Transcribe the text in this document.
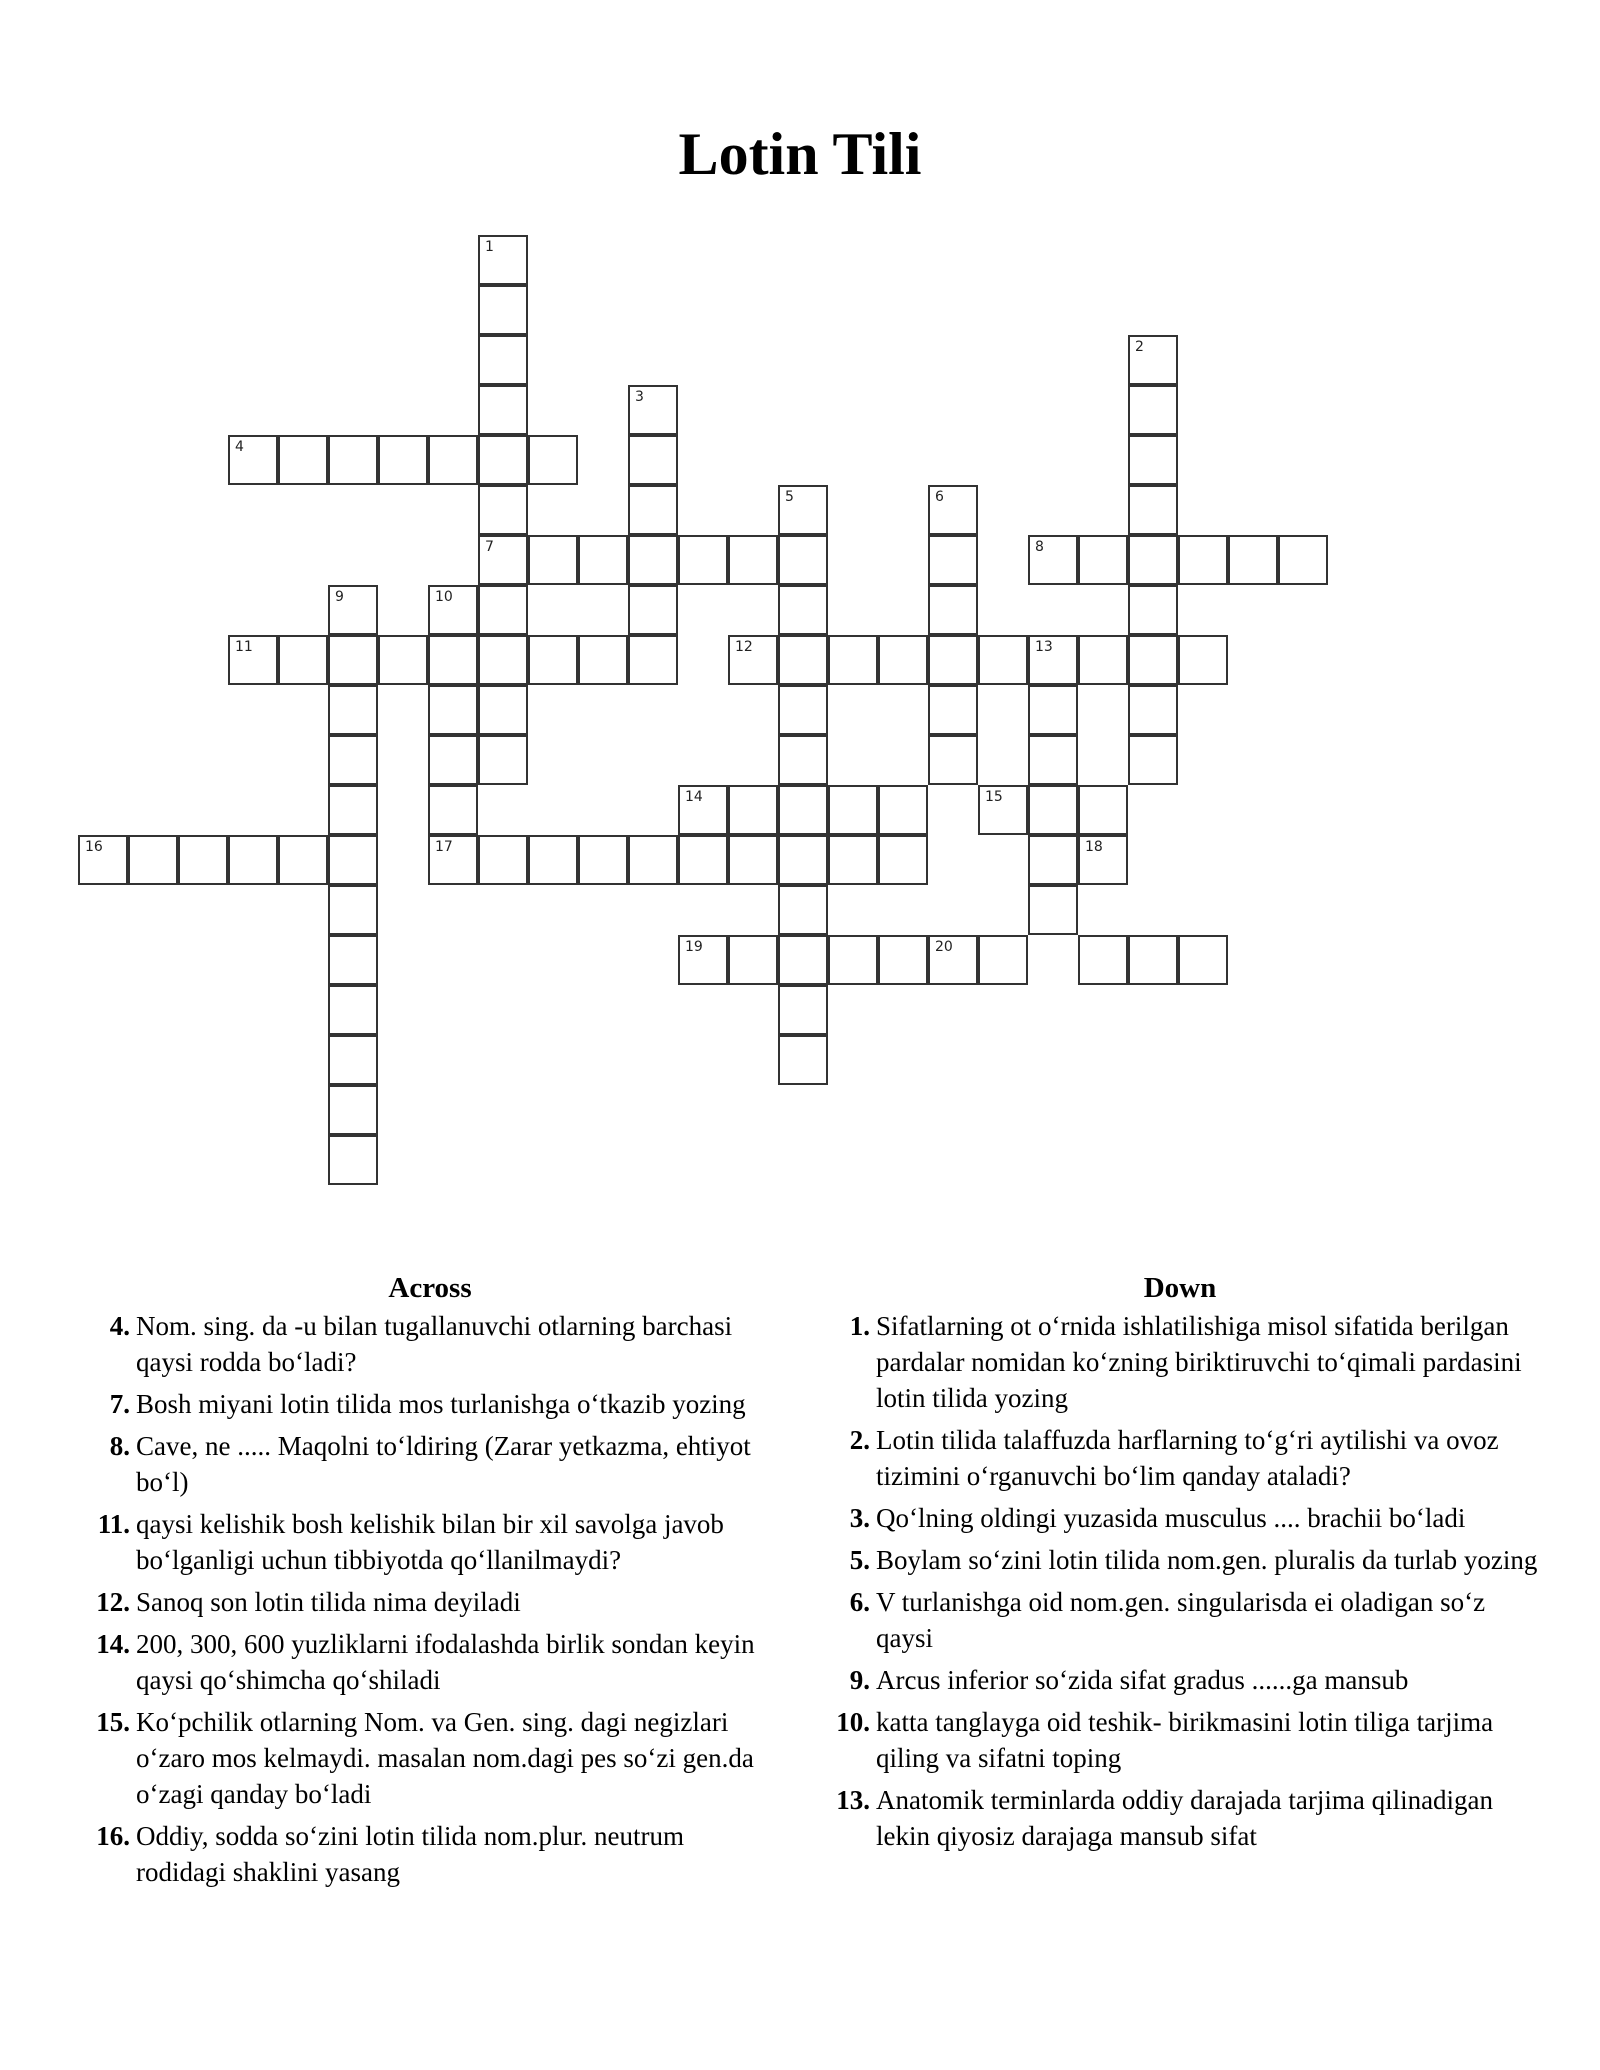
Lotin Tili
1
2
3
4
5	6
7	8
9	10
11	12	13
14	15
16	17	18
19	20
Across
4. Nom. sing. da -u bilan tugallanuvchi otlarning barchasi qaysi rodda boʻladi?
7. Bosh miyani lotin tilida mos turlanishga oʻtkazib yozing
8. Cave, ne ..... Maqolni toʻldiring (Zarar yetkazma, ehtiyot boʻl)
11. qaysi kelishik bosh kelishik bilan bir xil savolga javob boʻlganligi uchun tibbiyotda qoʻllanilmaydi?
12. Sanoq son lotin tilida nima deyiladi
14. 200, 300, 600 yuzliklarni ifodalashda birlik sondan keyin qaysi qoʻshimcha qoʻshiladi
15. Koʻpchilik otlarning Nom. va Gen. sing. dagi negizlari oʻzaro mos kelmaydi. masalan nom.dagi pes soʻzi gen.da oʻzagi qanday boʻladi
16. Oddiy, sodda soʻzini lotin tilida nom.plur. neutrum rodidagi shaklini yasang
Down
1. Sifatlarning ot oʻrnida ishlatilishiga misol sifatida berilgan pardalar nomidan koʻzning biriktiruvchi toʻqimali pardasini lotin tilida yozing
2. Lotin tilida talaffuzda harflarning toʻgʻri aytilishi va ovoz tizimini oʻrganuvchi boʻlim qanday ataladi?
3. Qoʻlning oldingi yuzasida musculus .... brachii boʻladi
5. Boylam soʻzini lotin tilida nom.gen. pluralis da turlab yozing
6. V turlanishga oid nom.gen. singularisda ei oladigan soʻz qaysi
9. Arcus inferior soʻzida sifat gradus ......ga mansub
10. katta tanglayga oid teshik- birikmasini lotin tiliga tarjima qiling va sifatni toping
13. Anatomik terminlarda oddiy darajada tarjima qilinadigan lekin qiyosiz darajaga mansub sifat
